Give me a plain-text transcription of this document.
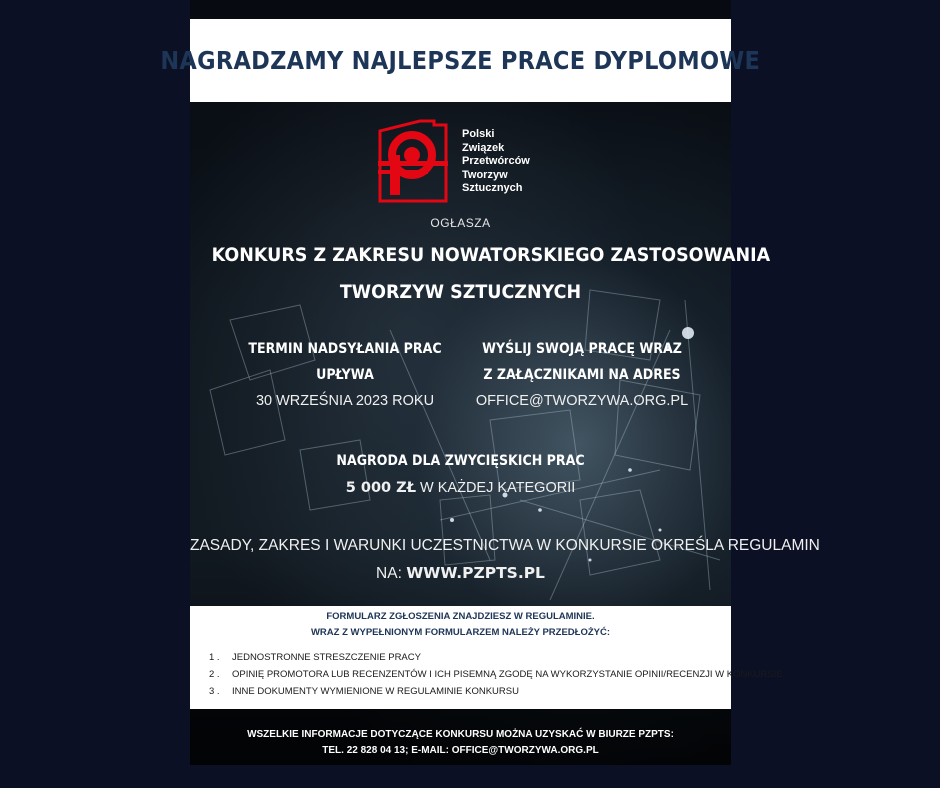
NAGRADZAMY NAJLEPSZE PRACE DYPLOMOWE
Polski
Związek
Przetwórców
Tworzyw
Sztucznych
OGŁASZA
KONKURS Z ZAKRESU NOWATORSKIEGO ZASTOSOWANIA
TWORZYW SZTUCZNYCH
TERMIN NADSYŁANIA PRAC
UPŁYWA
30 WRZEŚNIA 2023 ROKU
WYŚLIJ SWOJĄ PRACĘ WRAZ
Z ZAŁĄCZNIKAMI NA ADRES
OFFICE@TWORZYWA.ORG.PL
NAGRODA DLA ZWYCIĘSKICH PRAC
5 000 ZŁ W KAŻDEJ KATEGORII
ZASADY, ZAKRES I WARUNKI UCZESTNICTWA W KONKURSIE OKREŚLA REGULAMIN
NA: WWW.PZPTS.PL
FORMULARZ ZGŁOSZENIA ZNAJDZIESZ W REGULAMINIE.
WRAZ Z WYPEŁNIONYM FORMULARZEM NALEŻY PRZEDŁOŻYĆ:
1 . JEDNOSTRONNE STRESZCZENIE PRACY
2 . OPINIĘ PROMOTORA LUB RECENZENTÓW I ICH PISEMNĄ ZGODĘ NA WYKORZYSTANIE OPINII/RECENZJI W KONKURSIE
3 . INNE DOKUMENTY WYMIENIONE W REGULAMINIE KONKURSU
WSZELKIE INFORMACJE DOTYCZĄCE KONKURSU MOŻNA UZYSKAĆ W BIURZE PZPTS:
TEL. 22 828 04 13; E-MAIL: OFFICE@TWORZYWA.ORG.PL
